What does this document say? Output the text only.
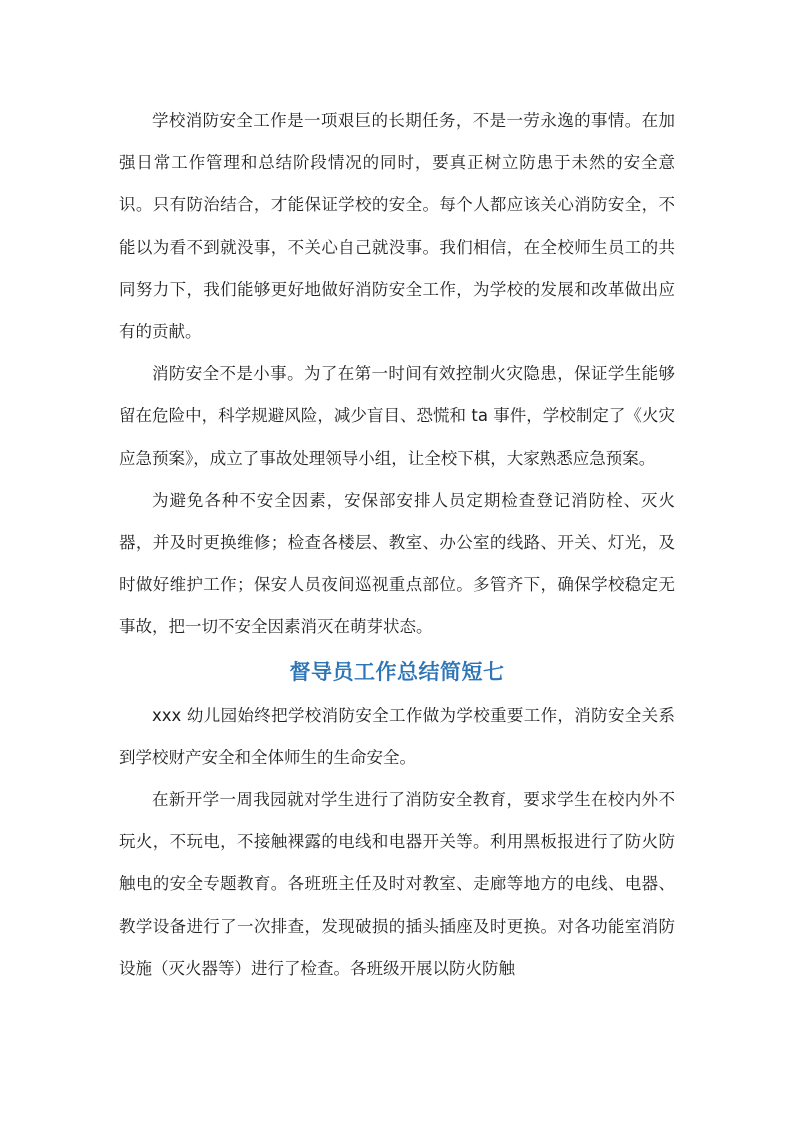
学校消防安全工作是一项艰巨的长期任务，不是一劳永逸的事情。在加强日常工作管理和总结阶段情况的同时，要真正树立防患于未然的安全意识。只有防治结合，才能保证学校的安全。每个人都应该关心消防安全，不能以为看不到就没事，不关心自己就没事。我们相信，在全校师生员工的共同努力下，我们能够更好地做好消防安全工作，为学校的发展和改革做出应有的贡献。

消防安全不是小事。为了在第一时间有效控制火灾隐患，保证学生能够留在危险中，科学规避风险，减少盲目、恐慌和 ta 事件，学校制定了《火灾应急预案》，成立了事故处理领导小组，让全校下棋，大家熟悉应急预案。

为避免各种不安全因素，安保部安排人员定期检查登记消防栓、灭火器，并及时更换维修；检查各楼层、教室、办公室的线路、开关、灯光，及时做好维护工作；保安人员夜间巡视重点部位。多管齐下，确保学校稳定无事故，把一切不安全因素消灭在萌芽状态。

督导员工作总结简短七

xxx 幼儿园始终把学校消防安全工作做为学校重要工作，消防安全关系到学校财产安全和全体师生的生命安全。

在新开学一周我园就对学生进行了消防安全教育，要求学生在校内外不玩火，不玩电，不接触裸露的电线和电器开关等。利用黑板报进行了防火防触电的安全专题教育。各班班主任及时对教室、走廊等地方的电线、电器、教学设备进行了一次排查，发现破损的插头插座及时更换。对各功能室消防设施（灭火器等）进行了检查。各班级开展以防火防触
